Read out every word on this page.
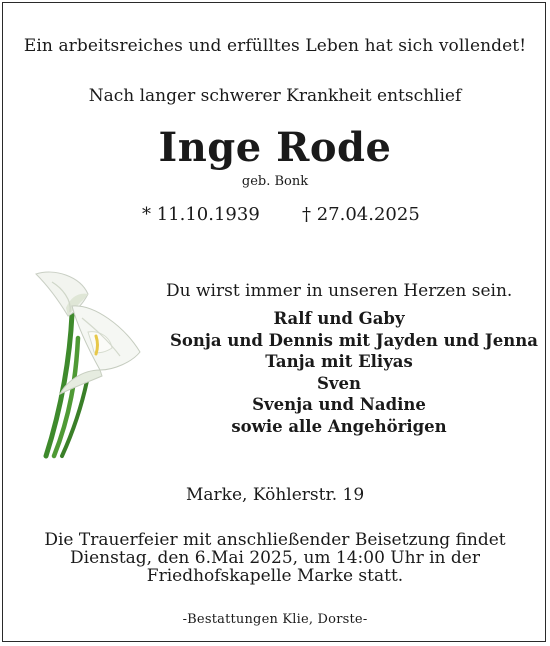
Ein arbeitsreiches und erfülltes Leben hat sich vollendet!
Nach langer schwerer Krankheit entschlief
Inge Rode
geb. Bonk
* 11.10.1939 † 27.04.2025
Du wirst immer in unseren Herzen sein.
Ralf und Gaby
Sonja und Dennis mit Jayden und Jenna
Tanja mit Eliyas
Sven
Svenja und Nadine
sowie alle Angehörigen
Marke, Köhlerstr. 19
Die Trauerfeier mit anschließender Beisetzung findet
Dienstag, den 6.Mai 2025, um 14:00 Uhr in der
Friedhofskapelle Marke statt.
-Bestattungen Klie, Dorste-
